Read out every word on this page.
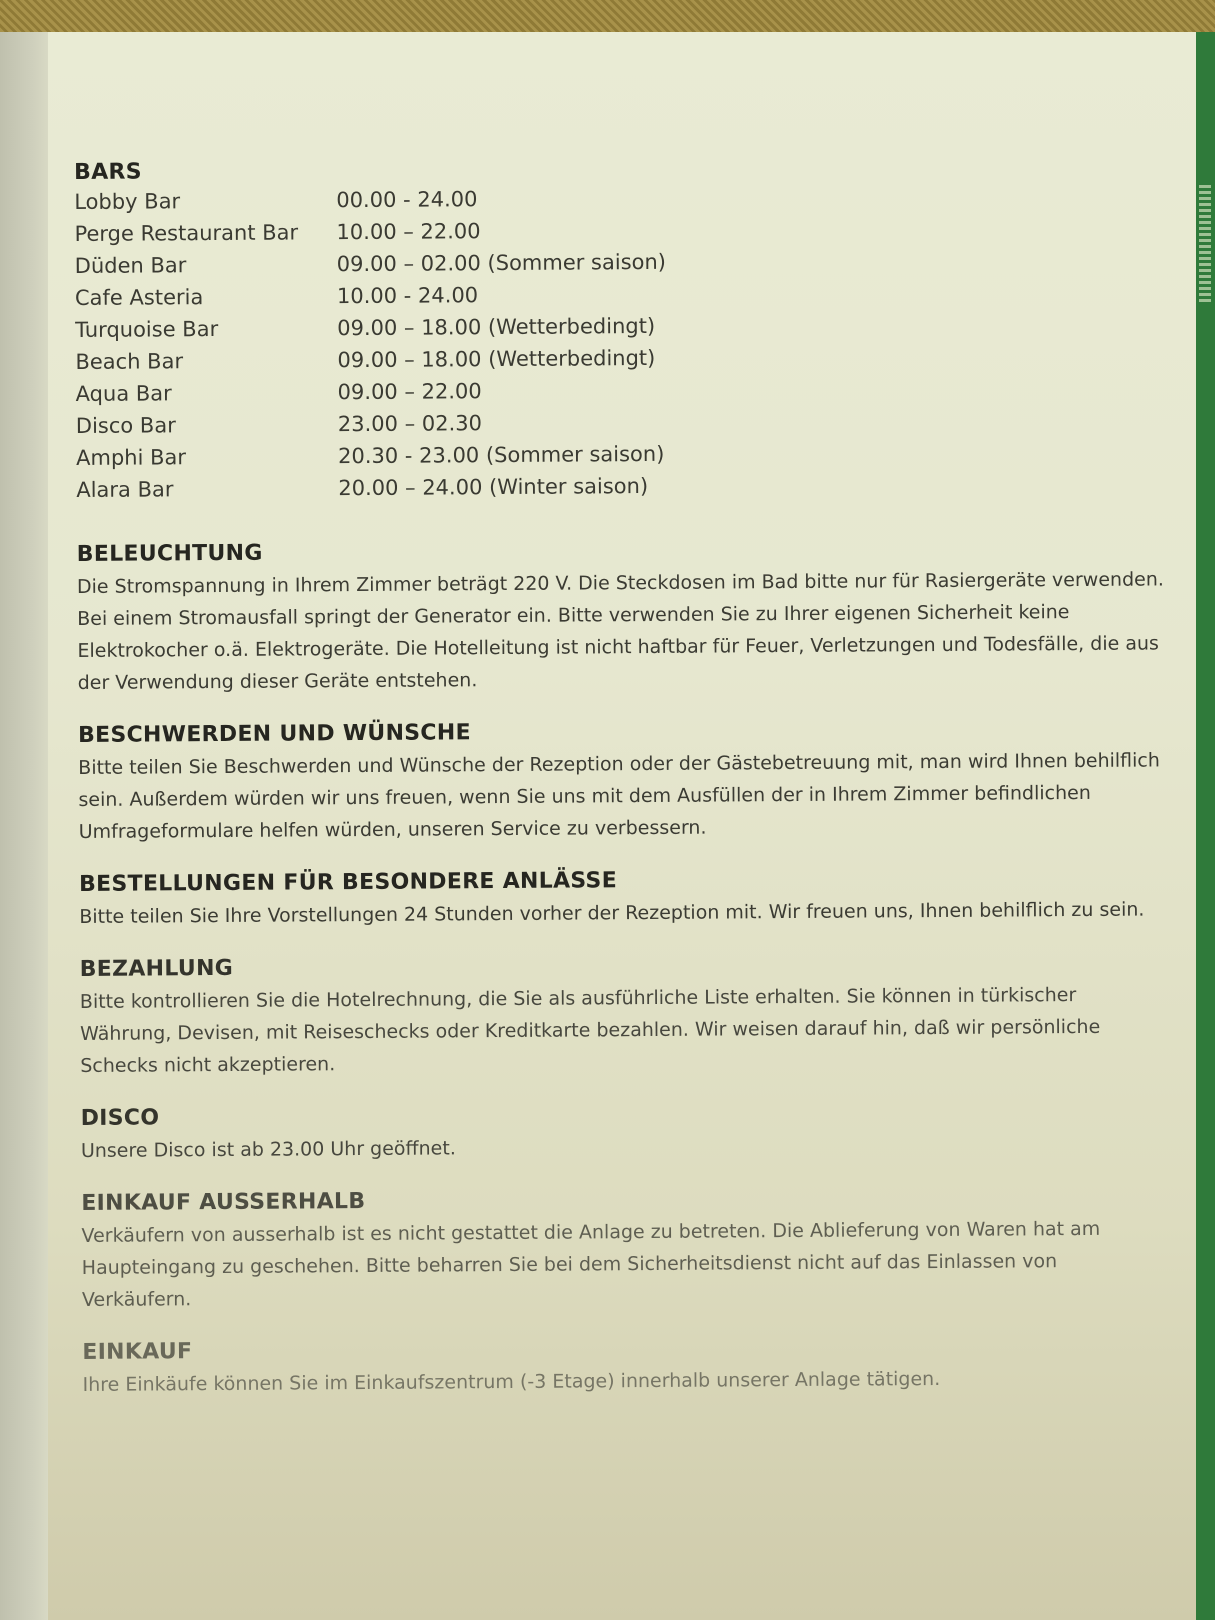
BARS
Lobby Bar	00.00 - 24.00
Perge Restaurant Bar	10.00 – 22.00
Düden Bar	09.00 – 02.00 (Sommer saison)
Cafe Asteria	10.00 - 24.00
Turquoise Bar	09.00 – 18.00 (Wetterbedingt)
Beach Bar	09.00 – 18.00 (Wetterbedingt)
Aqua Bar	09.00 – 22.00
Disco Bar	23.00 – 02.30
Amphi Bar	20.30 - 23.00 (Sommer saison)
Alara Bar	20.00 – 24.00 (Winter saison)
BELEUCHTUNG

Die Stromspannung in Ihrem Zimmer beträgt 220 V. Die Steckdosen im Bad bitte nur für Rasiergeräte verwenden. Bei einem Stromausfall springt der Generator ein. Bitte verwenden Sie zu Ihrer eigenen Sicherheit keine Elektrokocher o.ä. Elektrogeräte. Die Hotelleitung ist nicht haftbar für Feuer, Verletzungen und Todesfälle, die aus der Verwendung dieser Geräte entstehen.

BESCHWERDEN UND WÜNSCHE

Bitte teilen Sie Beschwerden und Wünsche der Rezeption oder der Gästebetreuung mit, man wird Ihnen behilflich sein. Außerdem würden wir uns freuen, wenn Sie uns mit dem Ausfüllen der in Ihrem Zimmer befindlichen Umfrageformulare helfen würden, unseren Service zu verbessern.

BESTELLUNGEN FÜR BESONDERE ANLÄSSE

Bitte teilen Sie Ihre Vorstellungen 24 Stunden vorher der Rezeption mit. Wir freuen uns, Ihnen behilflich zu sein.

BEZAHLUNG

Bitte kontrollieren Sie die Hotelrechnung, die Sie als ausführliche Liste erhalten. Sie können in türkischer Währung, Devisen, mit Reiseschecks oder Kreditkarte bezahlen. Wir weisen darauf hin, daß wir persönliche Schecks nicht akzeptieren.

DISCO

Unsere Disco ist ab 23.00 Uhr geöffnet.

EINKAUF AUSSERHALB

Verkäufern von ausserhalb ist es nicht gestattet die Anlage zu betreten. Die Ablieferung von Waren hat am Haupteingang zu geschehen. Bitte beharren Sie bei dem Sicherheitsdienst nicht auf das Einlassen von Verkäufern.

EINKAUF

Ihre Einkäufe können Sie im Einkaufszentrum (-3 Etage) innerhalb unserer Anlage tätigen.
